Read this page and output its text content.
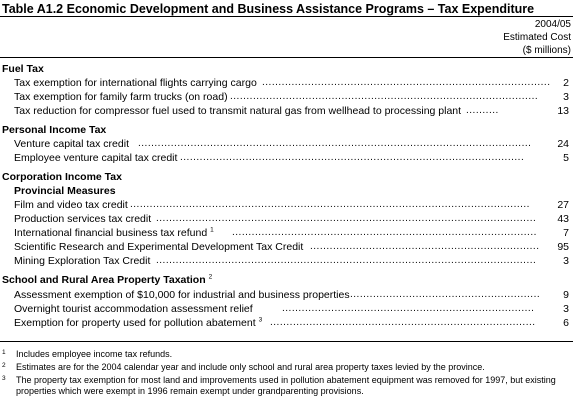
Table A1.2 Economic Development and Business Assistance Programs – Tax Expenditure
2004/05
Estimated Cost
($ millions)
Fuel Tax
Tax exemption for international flights carrying cargo ........................................................................................ 2
Tax exemption for family farm trucks (on road) .............................................................................................. 3
Tax reduction for compressor fuel used to transmit natural gas from wellhead to processing plant ..........	13
Personal Income Tax
Venture capital tax credit ........................................................................................................................ 24
Employee venture capital tax credit .........................................................................................................	5
Corporation Income Tax
Provincial Measures
Film and video tax credit ..........................................................................................................................	27
Production services tax credit .................................................................................................................... 43
International financial business tax refund $^1$ .............................................................................................	7
Scientific Research and Experimental Development Tax Credit ...................................................................... 95
Mining Exploration Tax Credit ....................................................................................................................	3
School and Rural Area Property Taxation $^2$
Assessment exemption of $10,000 for industrial and business properties .......................................................... 9
Overnight tourist accommodation assessment relief	.............................................................................	3
Exemption for property used for pollution abatement $^3$ .................................................................................	6
1 Includes employee income tax refunds.
2 Estimates are for the 2004 calendar year and include only school and rural area property taxes levied by the province.
3 The property tax exemption for most land and improvements used in pollution abatement equipment was removed for 1997, but existing properties which were exempt in 1996 remain exempt under grandparenting provisions.
